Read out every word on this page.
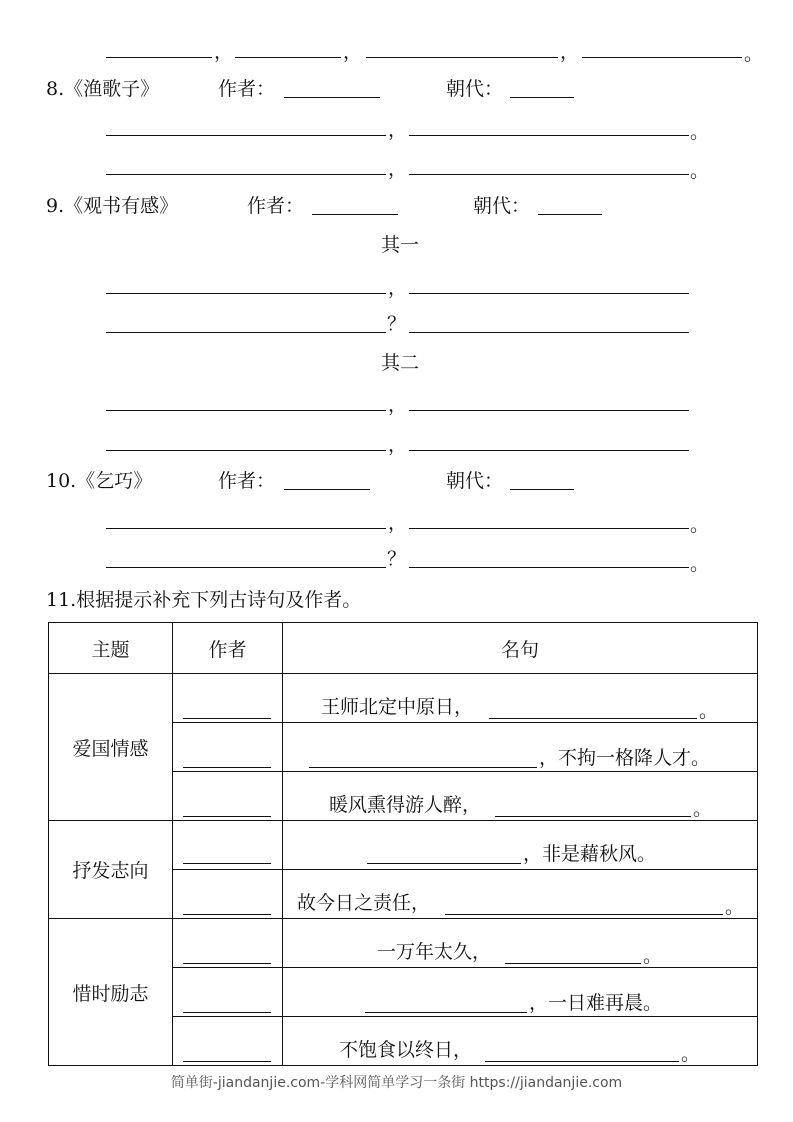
，	，	，	。
8.《渔歌子》	作者：	朝代：
，	。
，	。
9.《观书有感》	作者：	朝代：
其一
，
？
其二
，
，
10.《乞巧》	作者：	朝代：
，	。
？	。
11.根据提示补充下列古诗句及作者。
主题	作者	名句
爱国情感		王师北定中原日， 。

		，不拘一格降人才。

		暖风熏得游人醉， 。

抒发志向		，非是藉秋风。

		故今日之责任， 。

惜时励志		一万年太久， 。

		，一日难再晨。

		不饱食以终日， 。
简单街-jiandanjie.com-学科网简单学习一条街 https://jiandanjie.com
